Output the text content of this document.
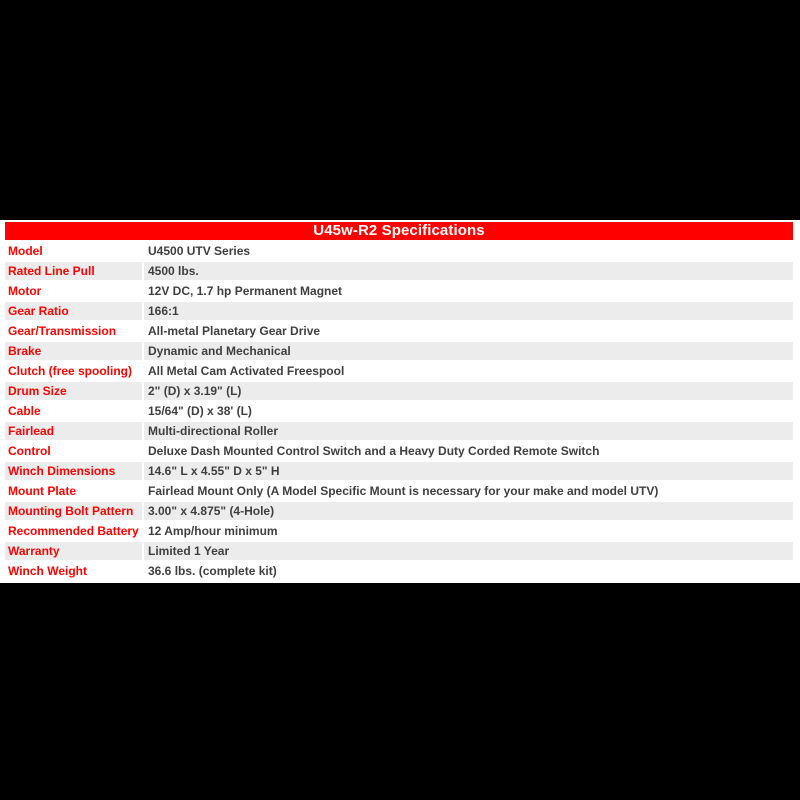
U45w-R2 Specifications	
Model	U4500 UTV Series
Rated Line Pull	4500 lbs.
Motor	12V DC, 1.7 hp Permanent Magnet
Gear Ratio	166:1
Gear/Transmission	All-metal Planetary Gear Drive
Brake	Dynamic and Mechanical
Clutch (free spooling)	All Metal Cam Activated Freespool
Drum Size	2" (D) x 3.19" (L)
Cable	15/64" (D) x 38' (L)
Fairlead	Multi-directional Roller
Control	Deluxe Dash Mounted Control Switch and a Heavy Duty Corded Remote Switch
Winch Dimensions	14.6" L x 4.55" D x 5" H
Mount Plate	Fairlead Mount Only (A Model Specific Mount is necessary for your make and model UTV)
Mounting Bolt Pattern	3.00" x 4.875" (4-Hole)
Recommended Battery	12 Amp/hour minimum
Warranty	Limited 1 Year
Winch Weight	36.6 lbs. (complete kit)
